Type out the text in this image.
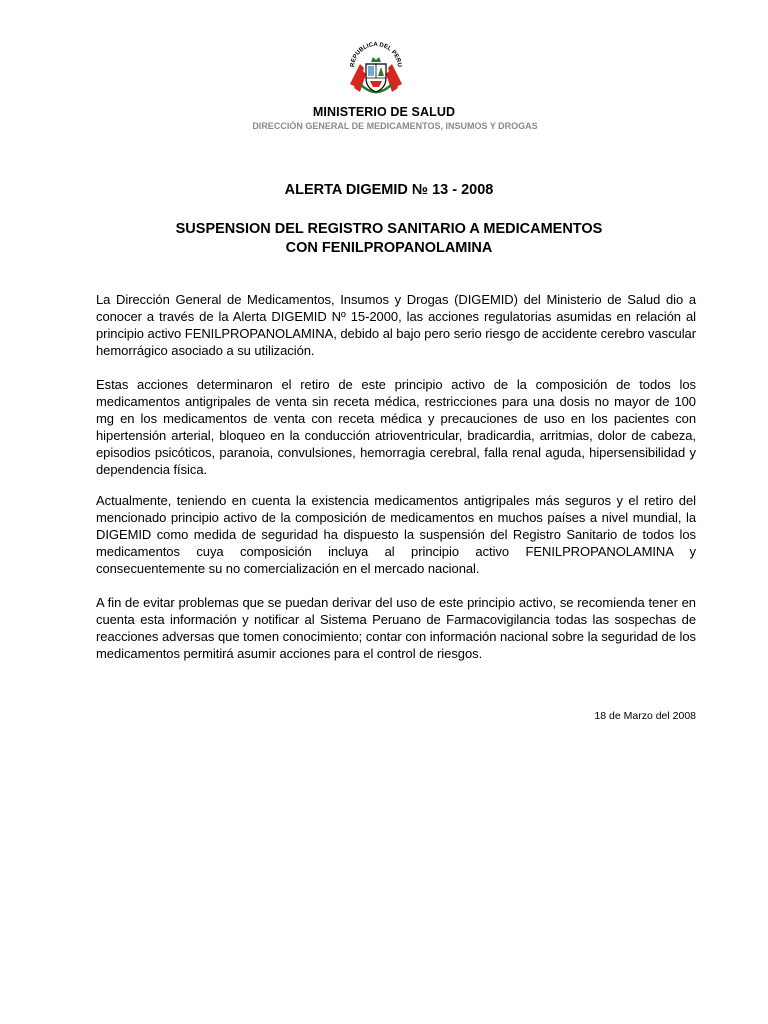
REPUBLICA DEL PERU
MINISTERIO DE SALUD
DIRECCIÓN GENERAL DE MEDICAMENTOS, INSUMOS Y DROGAS
ALERTA DIGEMID № 13 - 2008
SUSPENSION DEL REGISTRO SANITARIO A MEDICAMENTOS
CON FENILPROPANOLAMINA

La Dirección General de Medicamentos, Insumos y Drogas (DIGEMID) del Ministerio de Salud dio a conocer a través de la Alerta DIGEMID Nº 15-2000, las acciones regulatorias asumidas en relación al principio activo FENILPROPANOLAMINA, debido al bajo pero serio riesgo de accidente cerebro vascular hemorrágico asociado a su utilización.

Estas acciones determinaron el retiro de este principio activo de la composición de todos los medicamentos antigripales de venta sin receta médica, restricciones para una dosis no mayor de 100 mg en los medicamentos de venta con receta médica y precauciones de uso en los pacientes con hipertensión arterial, bloqueo en la conducción atrioventricular, bradicardia, arritmias, dolor de cabeza, episodios psicóticos, paranoia, convulsiones, hemorragia cerebral, falla renal aguda, hipersensibilidad y dependencia física.

Actualmente, teniendo en cuenta la existencia medicamentos antigripales más seguros y el retiro del mencionado principio activo de la composición de medicamentos en muchos países a nivel mundial, la DIGEMID como medida de seguridad ha dispuesto la suspensión del Registro Sanitario de todos los medicamentos cuya composición incluya al principio activo FENILPROPANOLAMINA y consecuentemente su no comercialización en el mercado nacional.

A fin de evitar problemas que se puedan derivar del uso de este principio activo, se recomienda tener en cuenta esta información y notificar al Sistema Peruano de Farmacovigilancia todas las sospechas de reacciones adversas que tomen conocimiento; contar con información nacional sobre la seguridad de los medicamentos permitirá asumir acciones para el control de riesgos.

18 de Marzo del 2008
